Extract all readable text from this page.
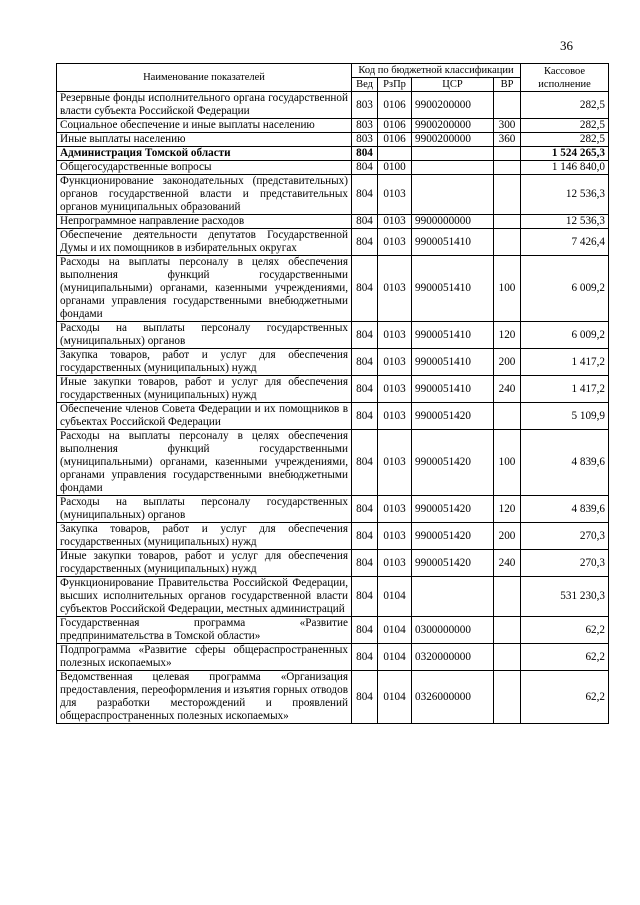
36
Наименование показателей	Код по бюджетной классификации				Кассовое
исполнение
	Вед	РзПр	ЦСР	ВР	
Резервные фонды исполнительного органа государственной власти субъекта Российской Федерации	803	0106	9900200000		282,5
Социальное обеспечение и иные выплаты населению	803	0106	9900200000	300	282,5
Иные выплаты населению	803	0106	9900200000	360	282,5
Администрация Томской области	804				1 524 265,3
Общегосударственные вопросы	804	0100			1 146 840,0
Функционирование законодательных (представительных) органов государственной власти и представительных органов муниципальных образований	804	0103			12 536,3
Непрограммное направление расходов	804	0103	9900000000		12 536,3
Обеспечение деятельности депутатов Государственной Думы и их помощников в избирательных округах	804	0103	9900051410		7 426,4
Расходы на выплаты персоналу в целях обеспечения выполнения функций государственными (муниципальными) органами, казенными учреждениями, органами управления государственными внебюджетными фондами	804	0103	9900051410	100	6 009,2
Расходы на выплаты персоналу государственных (муниципальных) органов	804	0103	9900051410	120	6 009,2
Закупка товаров, работ и услуг для обеспечения государственных (муниципальных) нужд	804	0103	9900051410	200	1 417,2
Иные закупки товаров, работ и услуг для обеспечения государственных (муниципальных) нужд	804	0103	9900051410	240	1 417,2
Обеспечение членов Совета Федерации и их помощников в субъектах Российской Федерации	804	0103	9900051420		5 109,9
Расходы на выплаты персоналу в целях обеспечения выполнения функций государственными (муниципальными) органами, казенными учреждениями, органами управления государственными внебюджетными фондами	804	0103	9900051420	100	4 839,6
Расходы на выплаты персоналу государственных (муниципальных) органов	804	0103	9900051420	120	4 839,6
Закупка товаров, работ и услуг для обеспечения государственных (муниципальных) нужд	804	0103	9900051420	200	270,3
Иные закупки товаров, работ и услуг для обеспечения государственных (муниципальных) нужд	804	0103	9900051420	240	270,3
Функционирование Правительства Российской Федерации, высших исполнительных органов государственной власти субъектов Российской Федерации, местных администраций	804	0104			531 230,3
Государственная программа «Развитие предпринимательства в Томской области»	804	0104	0300000000		62,2
Подпрограмма «Развитие сферы общераспространенных полезных ископаемых»	804	0104	0320000000		62,2
Ведомственная целевая программа «Организация предоставления, переоформления и изъятия горных отводов для разработки месторождений и проявлений общераспространенных полезных ископаемых»	804	0104	0326000000		62,2
